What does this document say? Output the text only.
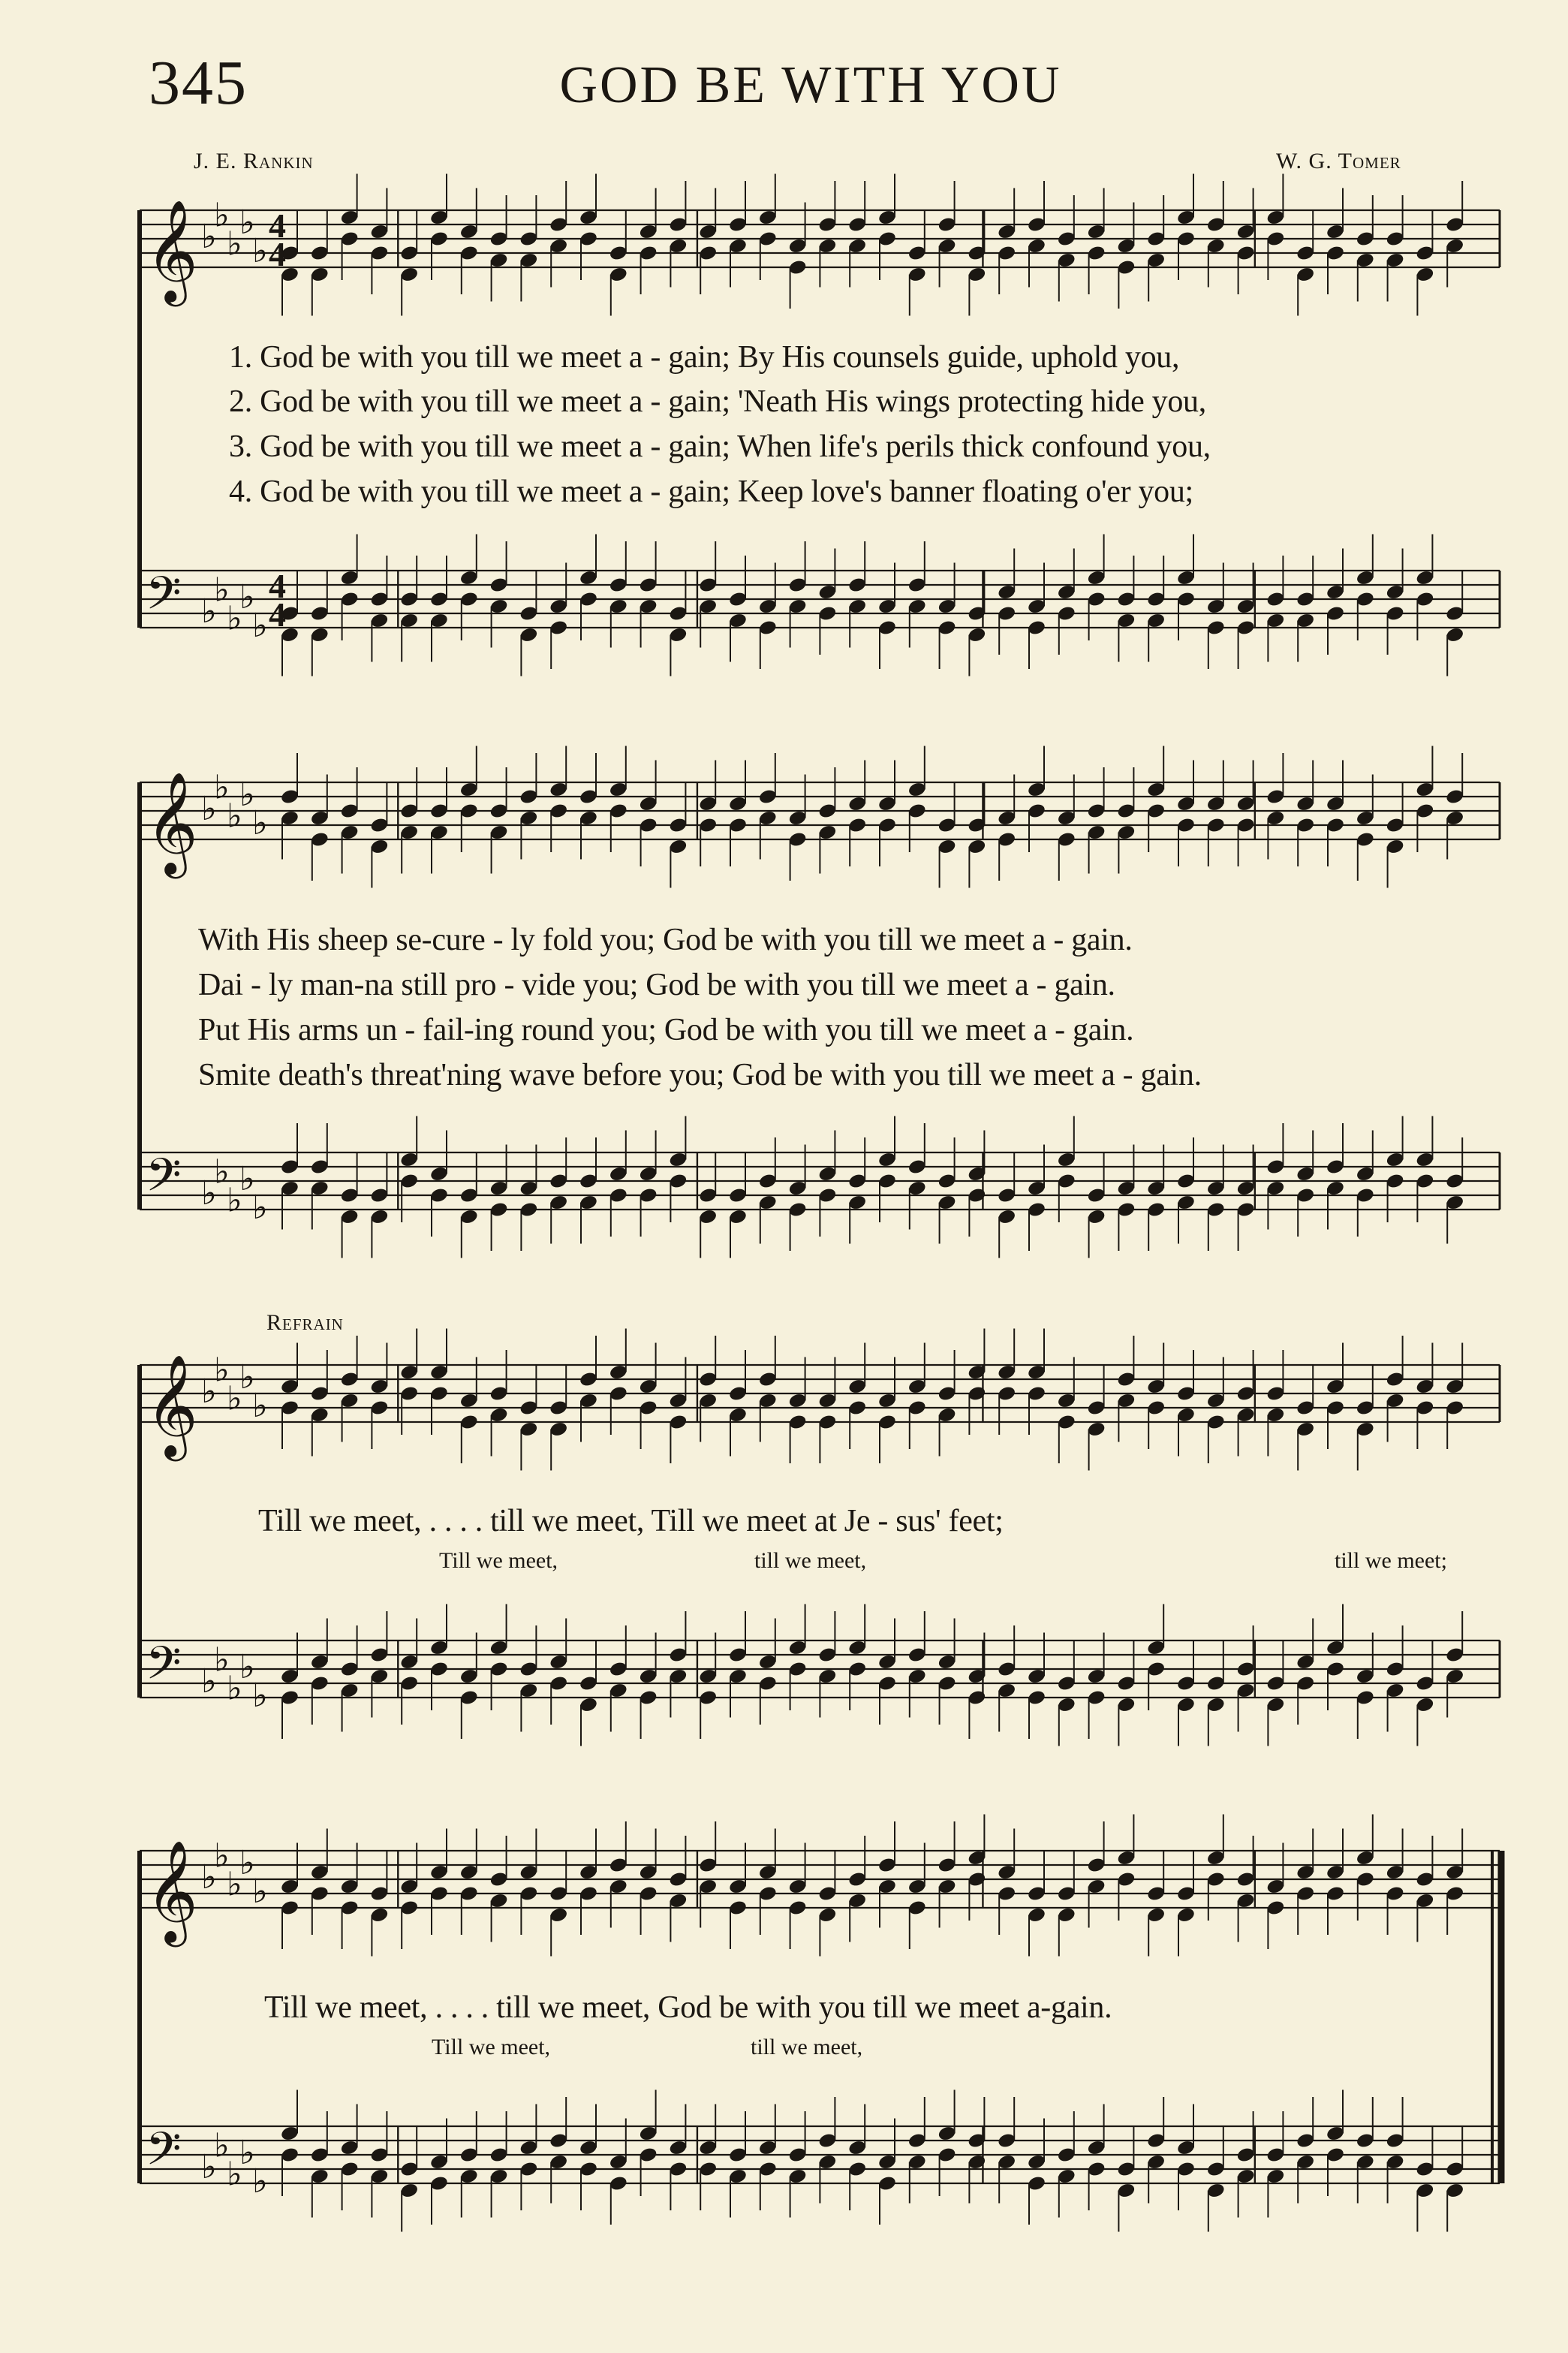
345	GOD BE WITH YOU
J. E. Rankin	W. G. Tomer
𝄞 ♭
♭
♭
♭
♭
𝄢 ♭
♭
♭
♭
♭
𝄞 ♭
♭
♭
♭
♭
𝄢 ♭
♭
♭
♭
♭
𝄞 ♭
♭
♭
♭
♭
𝄢 ♭
♭
♭
♭
♭
𝄞 ♭
♭
♭
♭
♭
𝄢 ♭
♭
♭
♭
♭
4
4
4
4
1. God be with you till we meet a - gain; By His counsels guide, uphold you,
2. God be with you till we meet a - gain; 'Neath His wings protecting hide you,
3. God be with you till we meet a - gain; When life's perils thick confound you,
4. God be with you till we meet a - gain; Keep love's banner floating o'er you;
With His sheep se-cure - ly fold you; God be with you till we meet a - gain.
Dai - ly man-na still pro - vide you; God be with you till we meet a - gain.
Put His arms un - fail-ing round you; God be with you till we meet a - gain.
Smite death's threat'ning wave before you; God be with you till we meet a - gain.
Refrain
Till we meet, . . . . till we meet, Till we meet at Je - sus' feet;
Till we meet,	till we meet,	till we meet;
Till we meet, . . . . till we meet, God be with you till we meet a-gain.
Till we meet,	till we meet,
